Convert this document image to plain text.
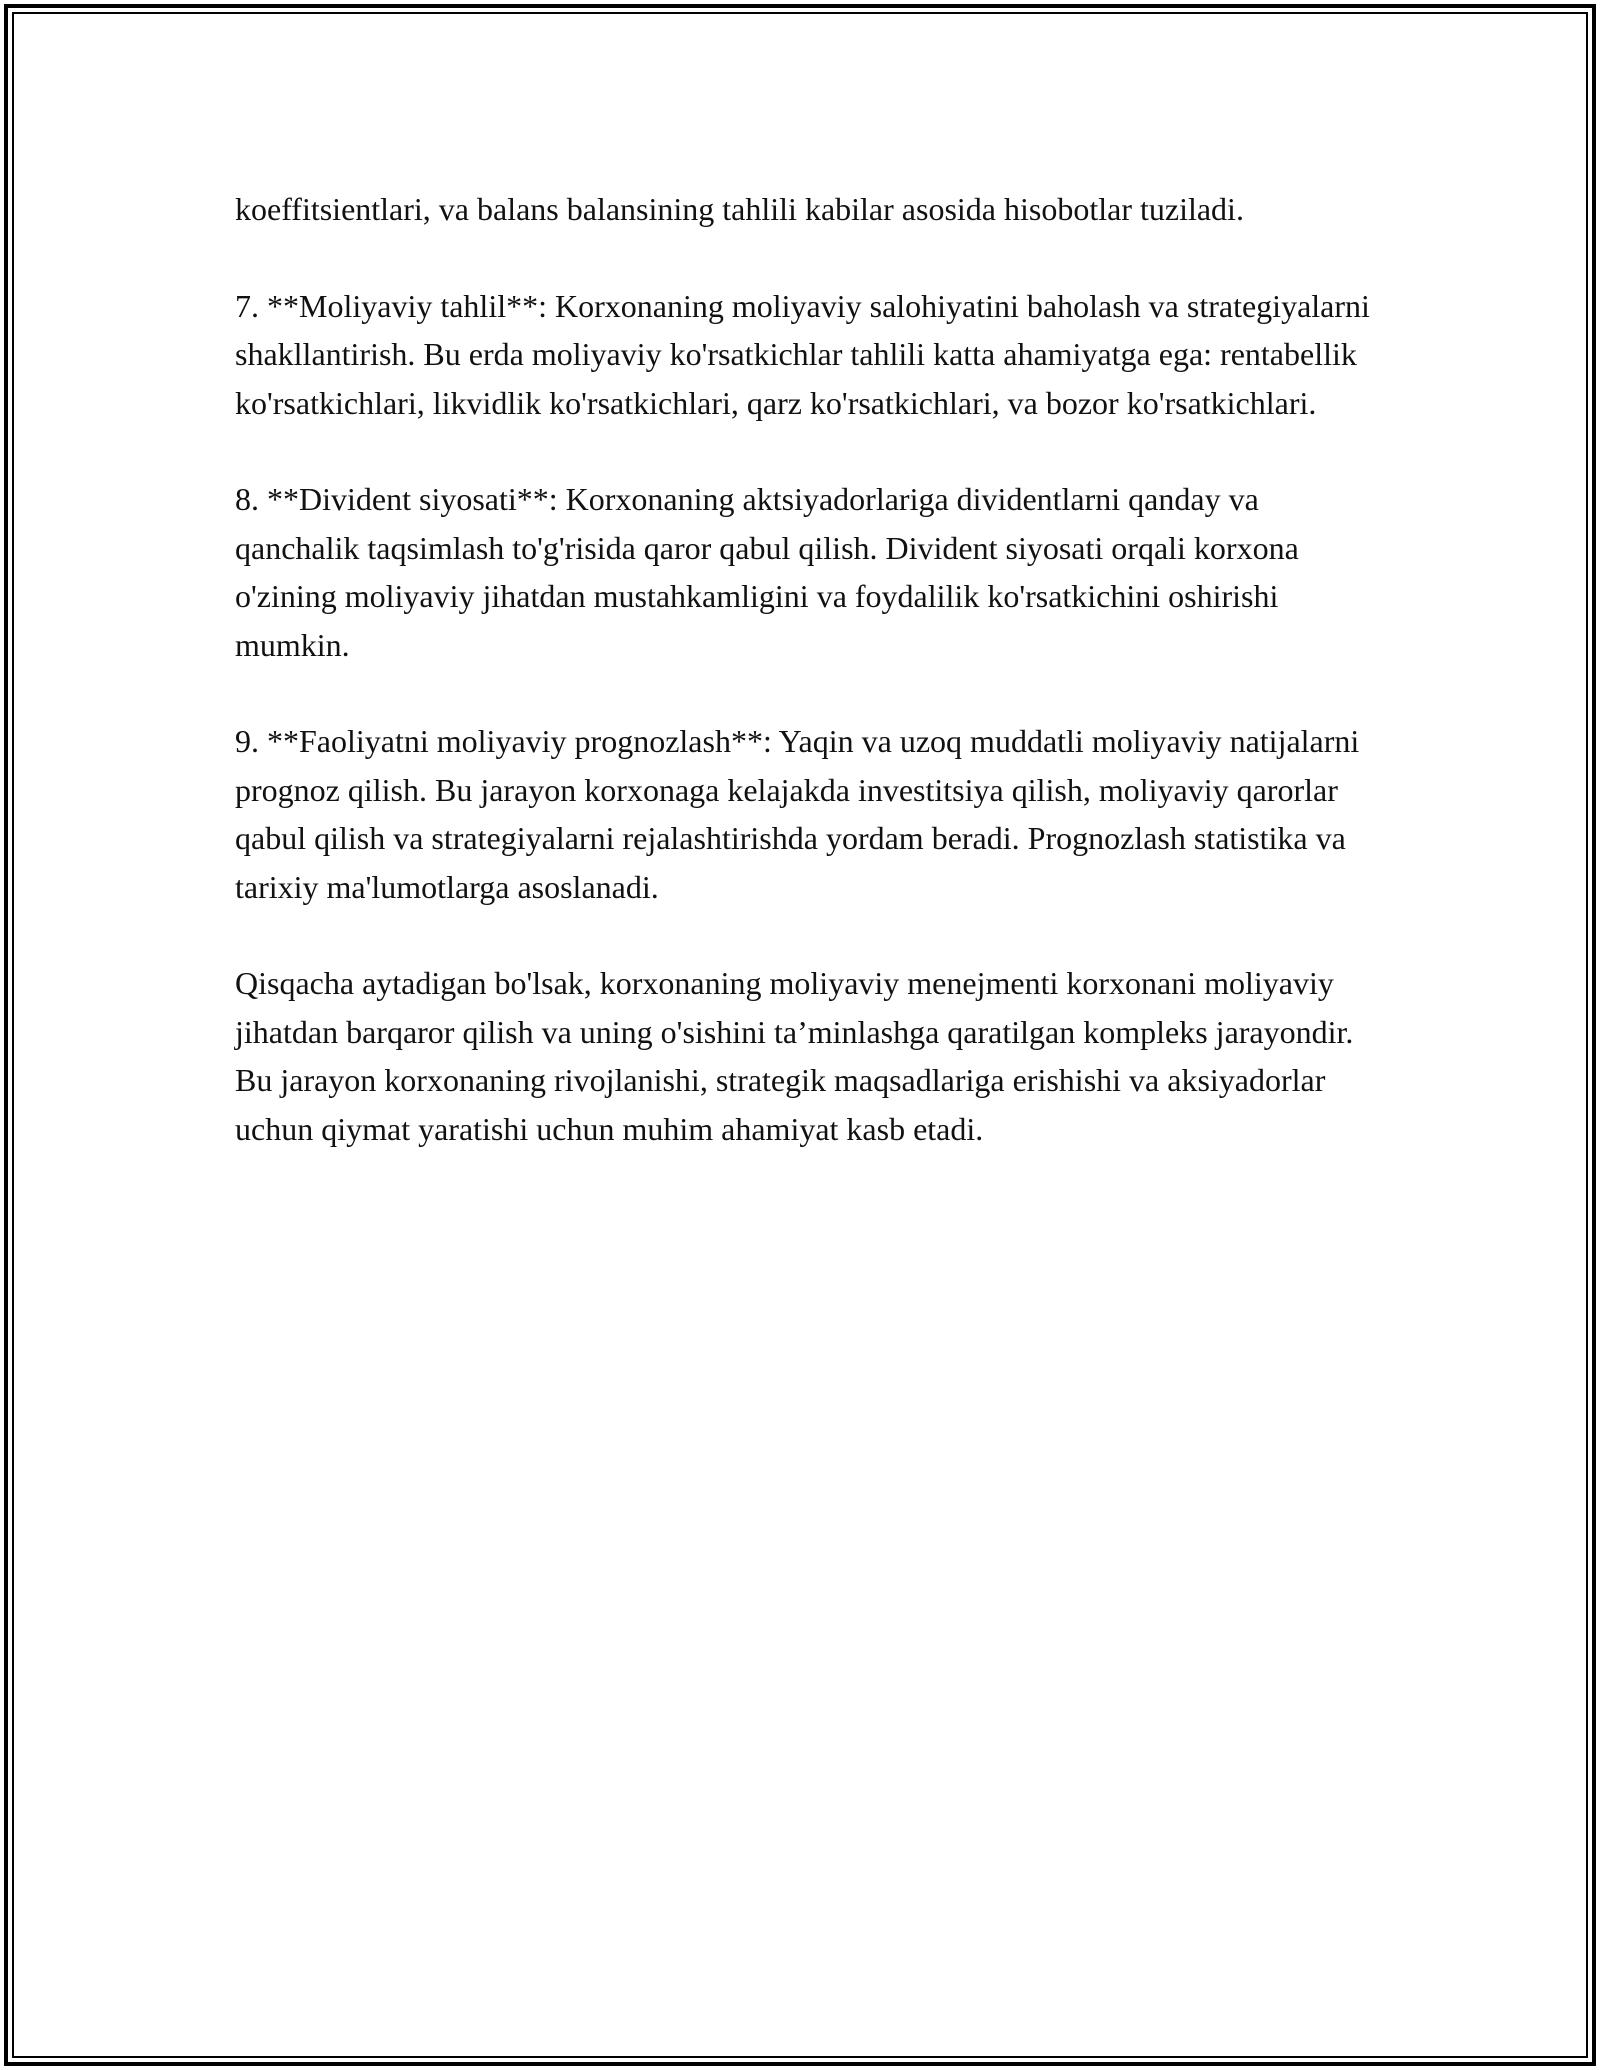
koeffitsientlari, va balans balansining tahlili kabilar asosida hisobotlar tuziladi.

7. **Moliyaviy tahlil**: Korxonaning moliyaviy salohiyatini baholash va strategiyalarni shakllantirish. Bu erda moliyaviy ko'rsatkichlar tahlili katta ahamiyatga ega: rentabellik ko'rsatkichlari, likvidlik ko'rsatkichlari, qarz ko'rsatkichlari, va bozor ko'rsatkichlari.

8. **Divident siyosati**: Korxonaning aktsiyadorlariga dividentlarni qanday va qanchalik taqsimlash to'g'risida qaror qabul qilish. Divident siyosati orqali korxona o'zining moliyaviy jihatdan mustahkamligini va foydalilik ko'rsatkichini oshirishi mumkin.

9. **Faoliyatni moliyaviy prognozlash**: Yaqin va uzoq muddatli moliyaviy natijalarni prognoz qilish. Bu jarayon korxonaga kelajakda investitsiya qilish, moliyaviy qarorlar qabul qilish va strategiyalarni rejalashtirishda yordam beradi. Prognozlash statistika va tarixiy ma'lumotlarga asoslanadi.

Qisqacha aytadigan bo'lsak, korxonaning moliyaviy menejmenti korxonani moliyaviy jihatdan barqaror qilish va uning o'sishini ta’minlashga qaratilgan kompleks jarayondir. Bu jarayon korxonaning rivojlanishi, strategik maqsadlariga erishishi va aksiyadorlar uchun qiymat yaratishi uchun muhim ahamiyat kasb etadi.
